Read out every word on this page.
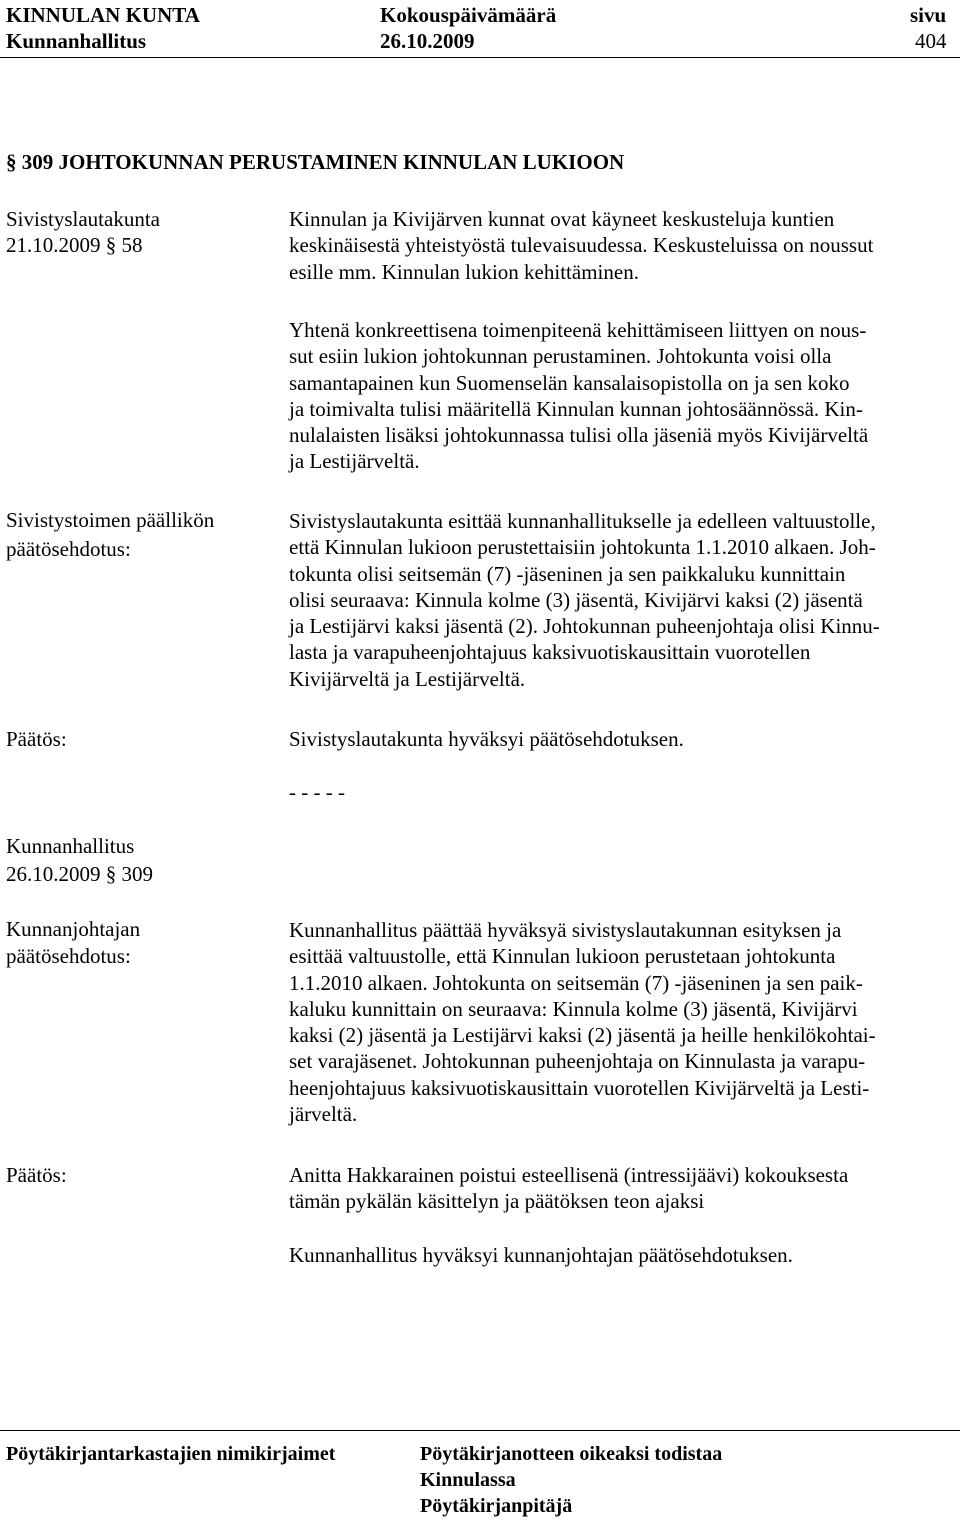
KINNULAN KUNTA
Kunnanhallitus
Kokouspäivämäärä
26.10.2009
sivu
404
§ 309 JOHTOKUNNAN PERUSTAMINEN KINNULAN LUKIOON
Sivistyslautakunta
21.10.2009 § 58
Kinnulan ja Kivijärven kunnat ovat käyneet keskusteluja kuntien
keskinäisestä yhteistyöstä tulevaisuudessa. Keskusteluissa on noussut
esille mm. Kinnulan lukion kehittäminen.
Yhtenä konkreettisena toimenpiteenä kehittämiseen liittyen on nous-
sut esiin lukion johtokunnan perustaminen. Johtokunta voisi olla
samantapainen kun Suomenselän kansalaisopistolla on ja sen koko
ja toimivalta tulisi määritellä Kinnulan kunnan johtosäännössä. Kin-
nulalaisten lisäksi johtokunnassa tulisi olla jäseniä myös Kivijärveltä
ja Lestijärveltä.
Sivistystoimen päällikön
päätösehdotus:
Sivistyslautakunta esittää kunnanhallitukselle ja edelleen valtuustolle,
että Kinnulan lukioon perustettaisiin johtokunta 1.1.2010 alkaen. Joh-
tokunta olisi seitsemän (7) -jäseninen ja sen paikkaluku kunnittain
olisi seuraava: Kinnula kolme (3) jäsentä, Kivijärvi kaksi (2) jäsentä
ja Lestijärvi kaksi jäsentä (2). Johtokunnan puheenjohtaja olisi Kinnu-
lasta ja varapuheenjohtajuus kaksivuotiskausittain vuorotellen
Kivijärveltä ja Lestijärveltä.
Päätös:	Sivistyslautakunta hyväksyi päätösehdotuksen.
- - - - -
Kunnanhallitus
26.10.2009 § 309
Kunnanjohtajan
päätösehdotus:
Kunnanhallitus päättää hyväksyä sivistyslautakunnan esityksen ja
esittää valtuustolle, että Kinnulan lukioon perustetaan johtokunta
1.1.2010 alkaen. Johtokunta on seitsemän (7) -jäseninen ja sen paik-
kaluku kunnittain on seuraava: Kinnula kolme (3) jäsentä, Kivijärvi
kaksi (2) jäsentä ja Lestijärvi kaksi (2) jäsentä ja heille henkilökohtai-
set varajäsenet. Johtokunnan puheenjohtaja on Kinnulasta ja varapu-
heenjohtajuus kaksivuotiskausittain vuorotellen Kivijärveltä ja Lesti-
järveltä.
Päätös:	Anitta Hakkarainen poistui esteellisenä (intressijäävi) kokouksesta
tämän pykälän käsittelyn ja päätöksen teon ajaksi
Kunnanhallitus hyväksyi kunnanjohtajan päätösehdotuksen.
Pöytäkirjantarkastajien nimikirjaimet	Pöytäkirjanotteen oikeaksi todistaa
Kinnulassa
Pöytäkirjanpitäjä
